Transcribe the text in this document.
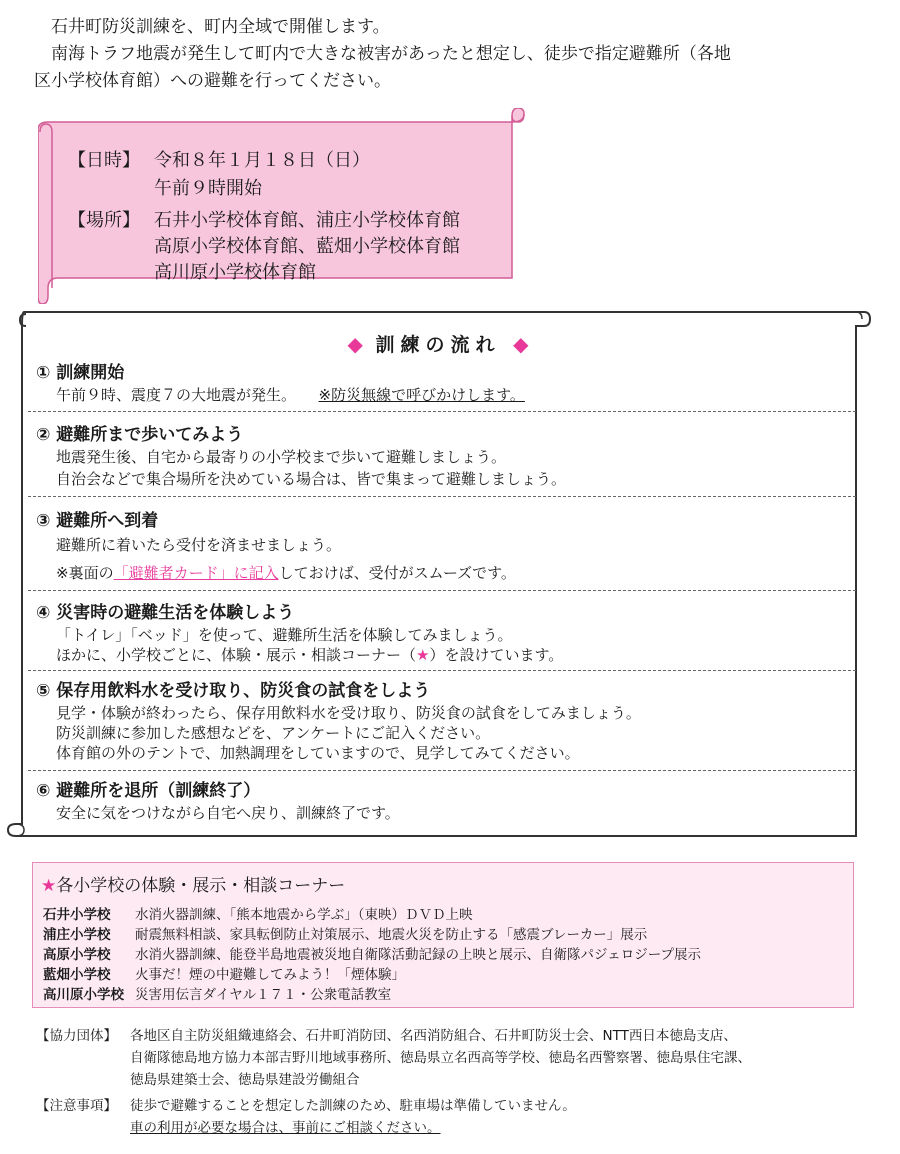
石井町防災訓練を、町内全域で開催します。

南海トラフ地震が発生して町内で大きな被害があったと想定し、徒歩で指定避難所（各地

区小学校体育館）への避難を行ってください。

【日時】 令和８年１月１８日（日）
午前９時開始
【場所】 石井小学校体育館、浦庄小学校体育館
高原小学校体育館、藍畑小学校体育館
高川原小学校体育館
◆ 訓練の流れ ◆
① 訓練開始
午前９時、震度７の大地震が発生。　　 ※防災無線で呼びかけします。
② 避難所まで歩いてみよう
地震発生後、自宅から最寄りの小学校まで歩いて避難しましょう。
自治会などで集合場所を決めている場合は、皆で集まって避難しましょう。
③ 避難所へ到着
避難所に着いたら受付を済ませましょう。
※裏面の「避難者カード」に記入しておけば、受付がスムーズです。
④ 災害時の避難生活を体験しよう
「トイレ」「ベッド」を使って、避難所生活を体験してみましょう。
ほかに、小学校ごとに、体験・展示・相談コーナー（★）を設けています。
⑤ 保存用飲料水を受け取り、防災食の試食をしよう
見学・体験が終わったら、保存用飲料水を受け取り、防災食の試食をしてみましょう。
防災訓練に参加した感想などを、アンケートにご記入ください。
体育館の外のテントで、加熱調理をしていますので、見学してみてください。
⑥ 避難所を退所（訓練終了）
安全に気をつけながら自宅へ戻り、訓練終了です。
★各小学校の体験・展示・相談コーナー
石井小学校 水消火器訓練、「熊本地震から学ぶ」（東映）ＤＶＤ上映
浦庄小学校 耐震無料相談、家具転倒防止対策展示、地震火災を防止する「感震ブレーカー」展示
高原小学校 水消火器訓練、能登半島地震被災地自衛隊活動記録の上映と展示、自衛隊パジェロジープ展示
藍畑小学校 火事だ！煙の中避難してみよう！「煙体験」
高川原小学校 災害用伝言ダイヤル１７１・公衆電話教室
【協力団体】 各地区自主防災組織連絡会、石井町消防団、名西消防組合、石井町防災士会、NTT西日本徳島支店、
自衛隊徳島地方協力本部吉野川地域事務所、徳島県立名西高等学校、徳島名西警察署、徳島県住宅課、
徳島県建築士会、徳島県建設労働組合
【注意事項】 徒歩で避難することを想定した訓練のため、駐車場は準備していません。
車の利用が必要な場合は、事前にご相談ください。
